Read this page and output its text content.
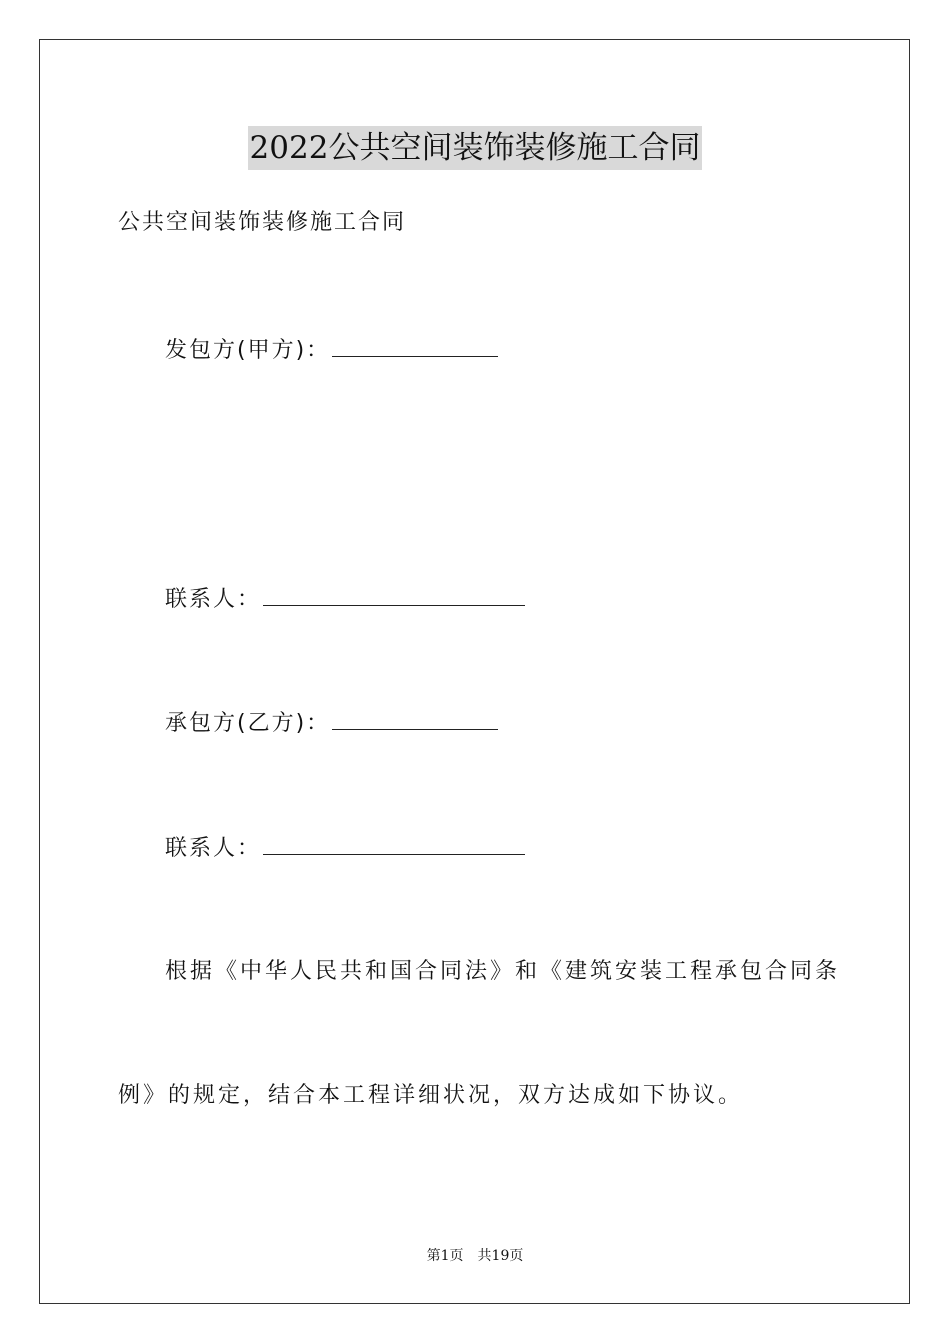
2022公共空间装饰装修施工合同
公共空间装饰装修施工合同
发包方(甲方)：
联系人：
承包方(乙方)：
联系人：
根据《中华人民共和国合同法》和《建筑安装工程承包合同条
例》的规定，结合本工程详细状况，双方达成如下协议。
第1页 共19页
